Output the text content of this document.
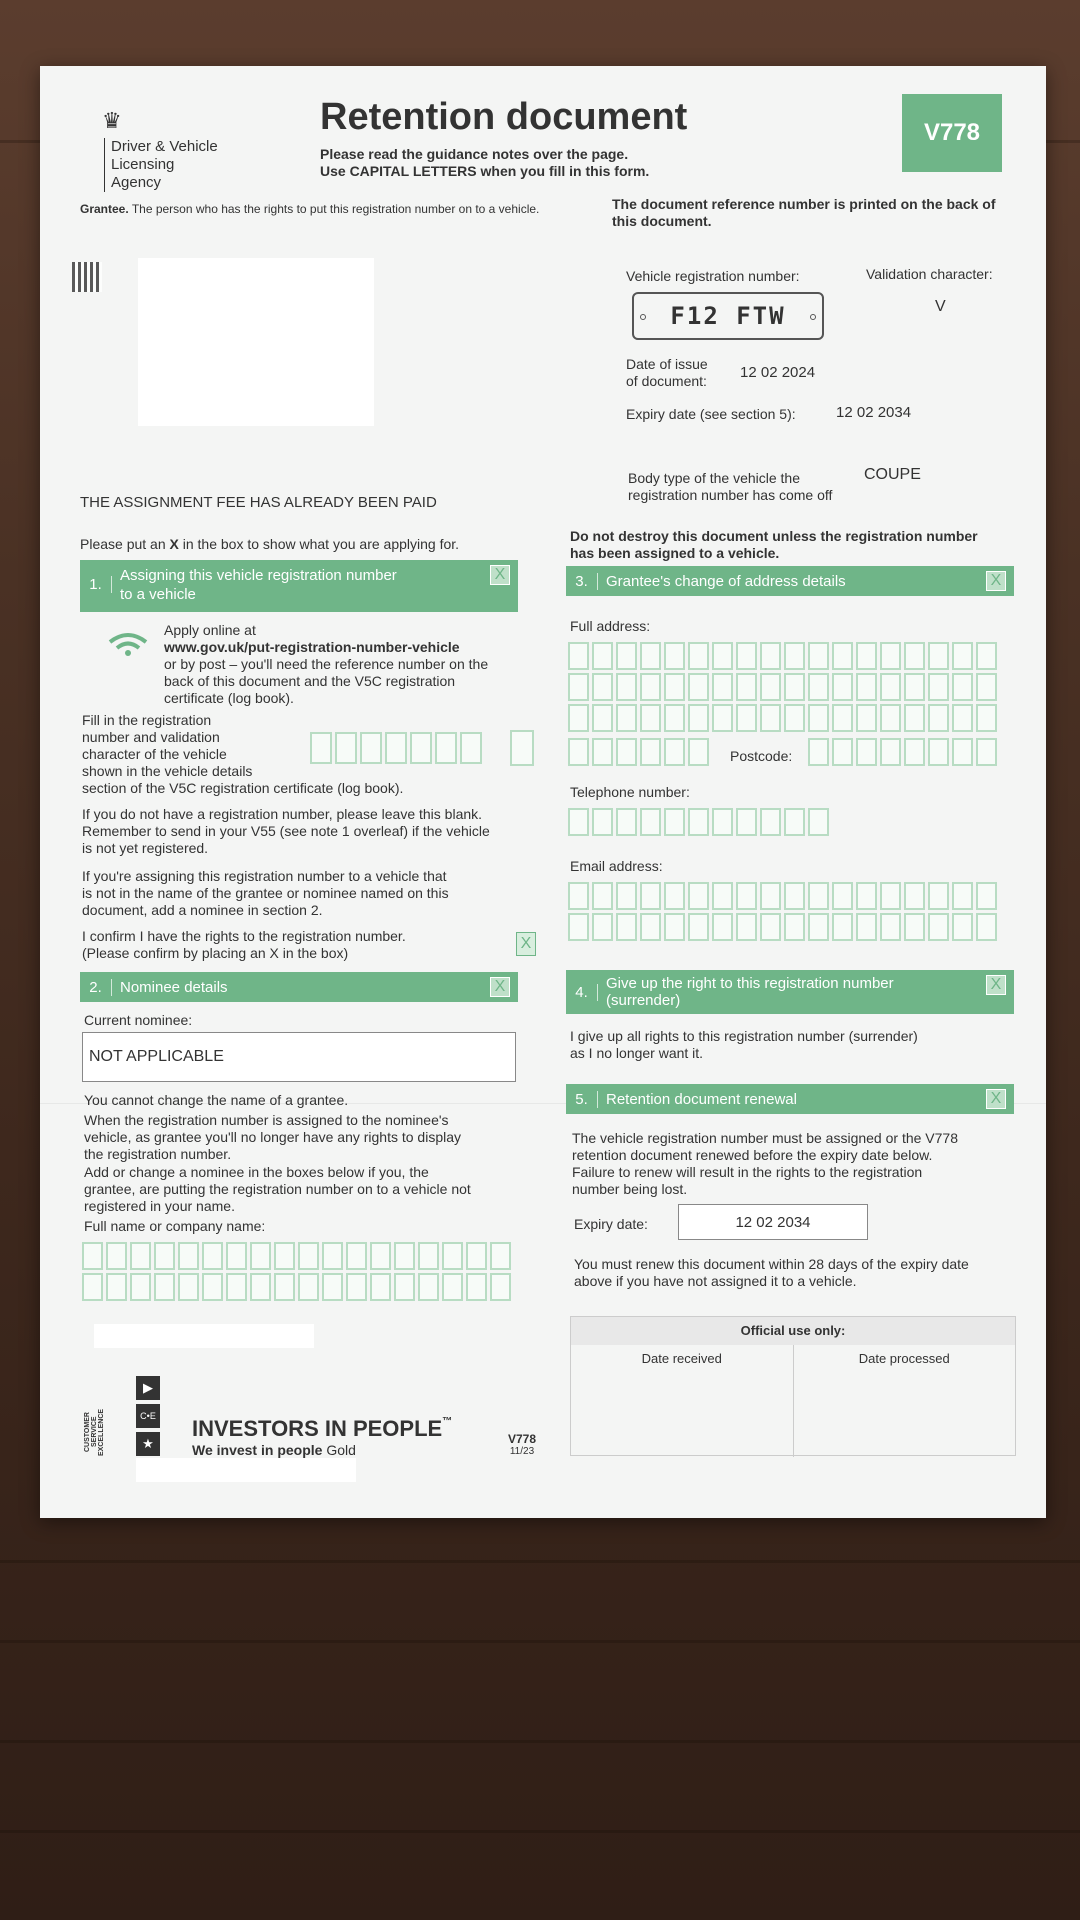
♛
Driver & Vehicle
Licensing
Agency
Retention document
Please read the guidance notes over the page.
Use CAPITAL LETTERS when you fill in this form.
V778
Grantee. The person who has the rights to put this registration number on to a vehicle.	The document reference number is printed on the back of this document.
Vehicle registration number:	Validation character:
F12 FTW	V
Date of issue
of document: 12 02 2024
Expiry date (see section 5):	12 02 2034
Body type of the vehicle the
registration number has come off
COUPE
THE ASSIGNMENT FEE HAS ALREADY BEEN PAID
Please put an X in the box to show what you are applying for.	Do not destroy this document unless the registration number has been assigned to a vehicle.
1.
Assigning this vehicle registration number
to a vehicle
X
Apply online at
www.gov.uk/put-registration-number-vehicle
or by post – you'll need the reference number on the
back of this document and the V5C registration
certificate (log book).
Fill in the registration
number and validation
character of the vehicle
shown in the vehicle details
section of the V5C registration certificate (log book).
If you do not have a registration number, please leave this blank.
Remember to send in your V55 (see note 1 overleaf) if the vehicle
is not yet registered.
If you're assigning this registration number to a vehicle that
is not in the name of the grantee or nominee named on this
document, add a nominee in section 2.
I confirm I have the rights to the registration number.
(Please confirm by placing an X in the box)
X
2.	Nominee details	X
Current nominee:
NOT APPLICABLE
You cannot change the name of a grantee.
When the registration number is assigned to the nominee's
vehicle, as grantee you'll no longer have any rights to display
the registration number.
Add or change a nominee in the boxes below if you, the
grantee, are putting the registration number on to a vehicle not
registered in your name.
Full name or company name:
3.	Grantee's change of address details	X
Full address:
Postcode:
Telephone number:
Email address:
4.	Give up the right to this registration number
(surrender)
X
I give up all rights to this registration number (surrender)
as I no longer want it.
5.	Retention document renewal	X
The vehicle registration number must be assigned or the V778
retention document renewed before the expiry date below.
Failure to renew will result in the rights to the registration
number being lost.
Expiry date:	12 02 2034
You must renew this document within 28 days of the expiry date
above if you have not assigned it to a vehicle.
Official use only:
Date received	Date processed
CUSTOMER SERVICE EXCELLENCE
▶
C•E
★
INVESTORS IN PEOPLE™
We invest in people Gold
V778
11/23
